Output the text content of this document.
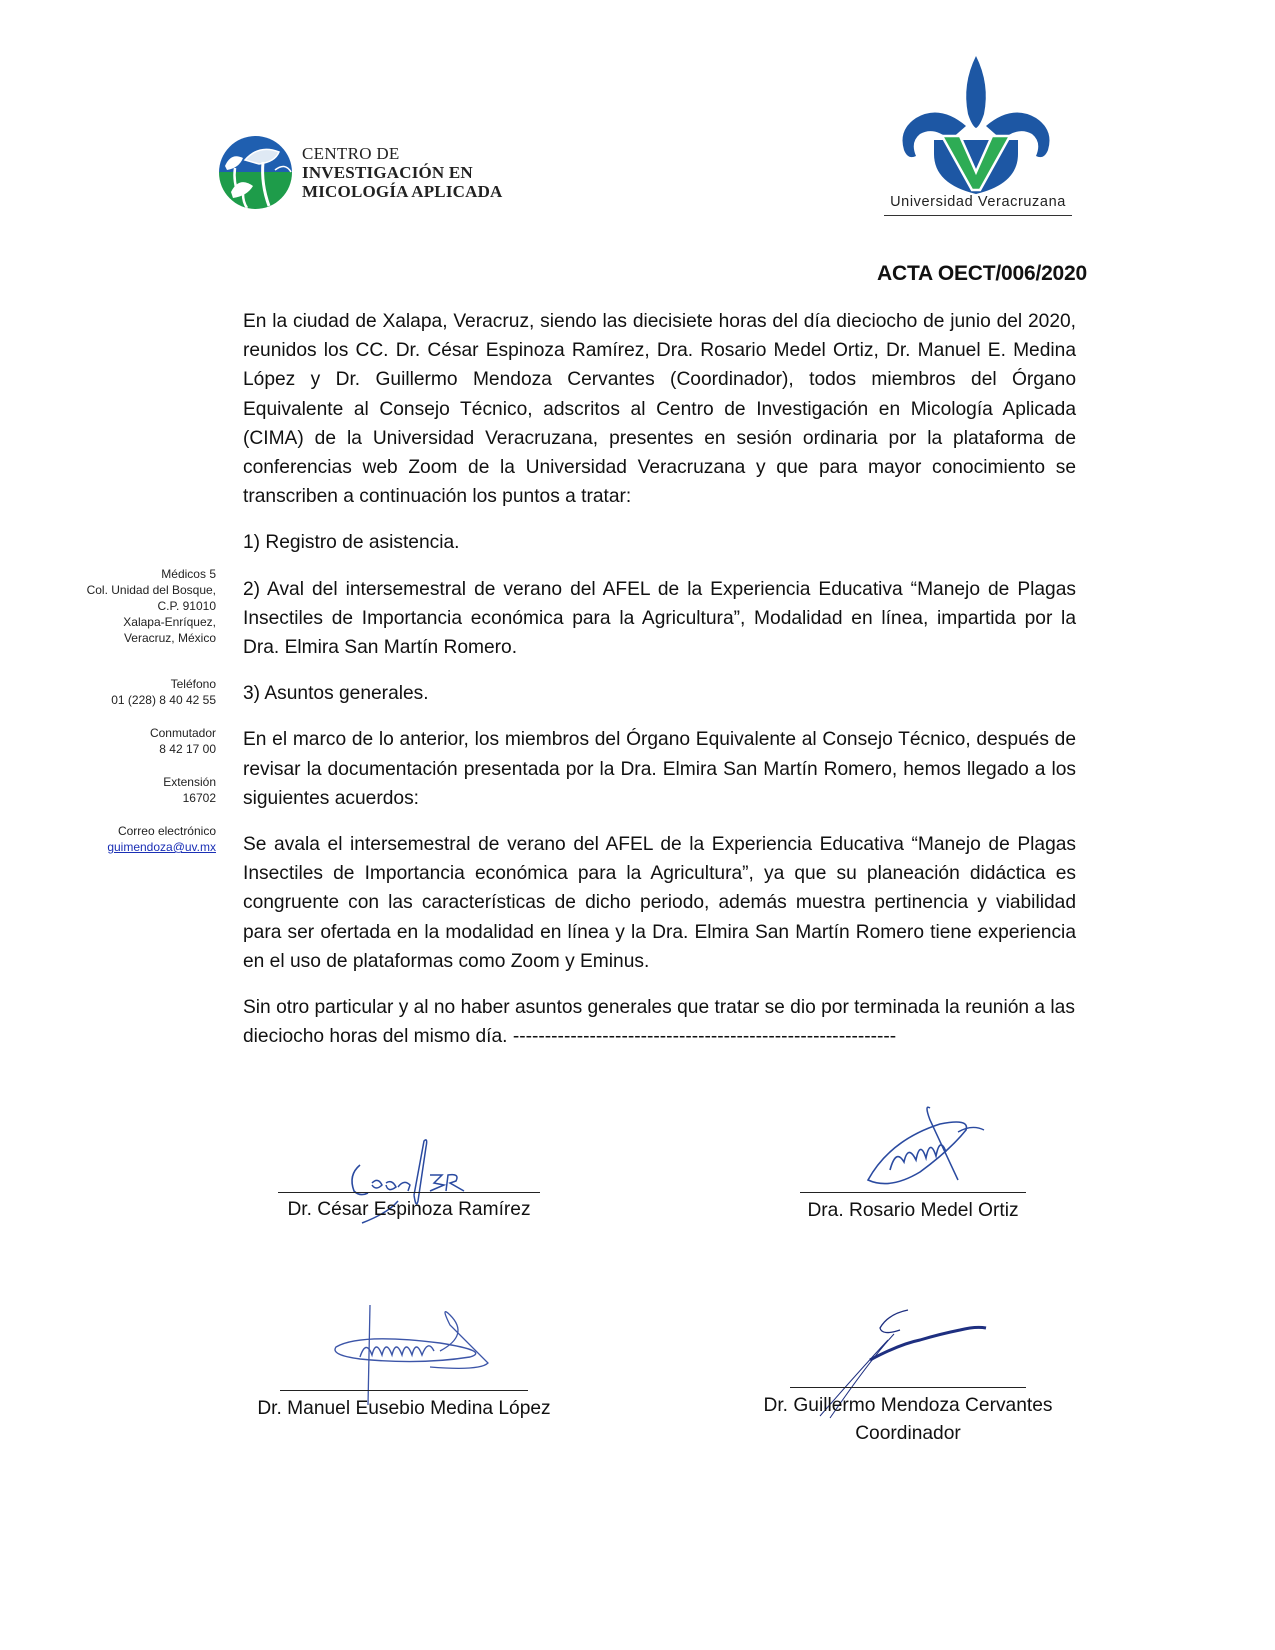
CENTRO DE
INVESTIGACIÓN EN
MICOLOGÍA APLICADA
Universidad Veracruzana
ACTA OECT/006/2020
Médicos 5
Col. Unidad del Bosque,
C.P. 91010
Xalapa-Enríquez,
Veracruz, México
Teléfono
01 (228) 8 40 42 55
Conmutador
8 42 17 00
Extensión
16702
Correo electrónico
guimendoza@uv.mx

En la ciudad de Xalapa, Veracruz, siendo las diecisiete horas del día dieciocho de junio del 2020, reunidos los CC. Dr. César Espinoza Ramírez, Dra. Rosario Medel Ortiz, Dr. Manuel E. Medina López y Dr. Guillermo Mendoza Cervantes (Coordinador), todos miembros del Órgano Equivalente al Consejo Técnico, adscritos al Centro de Investigación en Micología Aplicada (CIMA) de la Universidad Veracruzana, presentes en sesión ordinaria por la plataforma de conferencias web Zoom de la Universidad Veracruzana y que para mayor conocimiento se transcriben a continuación los puntos a tratar:

1) Registro de asistencia.

2) Aval del intersemestral de verano del AFEL de la Experiencia Educativa “Manejo de Plagas Insectiles de Importancia económica para la Agricultura”, Modalidad en línea, impartida por la Dra. Elmira San Martín Romero.

3) Asuntos generales.

En el marco de lo anterior, los miembros del Órgano Equivalente al Consejo Técnico, después de revisar la documentación presentada por la Dra. Elmira San Martín Romero, hemos llegado a los siguientes acuerdos:

Se avala el intersemestral de verano del AFEL de la Experiencia Educativa “Manejo de Plagas Insectiles de Importancia económica para la Agricultura”, ya que su planeación didáctica es congruente con las características de dicho periodo, además muestra pertinencia y viabilidad para ser ofertada en la modalidad en línea y la Dra. Elmira San Martín Romero tiene experiencia en el uso de plataformas como Zoom y Eminus.

Sin otro particular y al no haber asuntos generales que tratar se dio por terminada la reunión a las dieciocho horas del mismo día. ------------------------------------------------------------

Dr. César Espinoza Ramírez	Dra. Rosario Medel Ortiz
Dr. Manuel Eusebio Medina López	Dr. Guillermo Mendoza Cervantes
Coordinador
